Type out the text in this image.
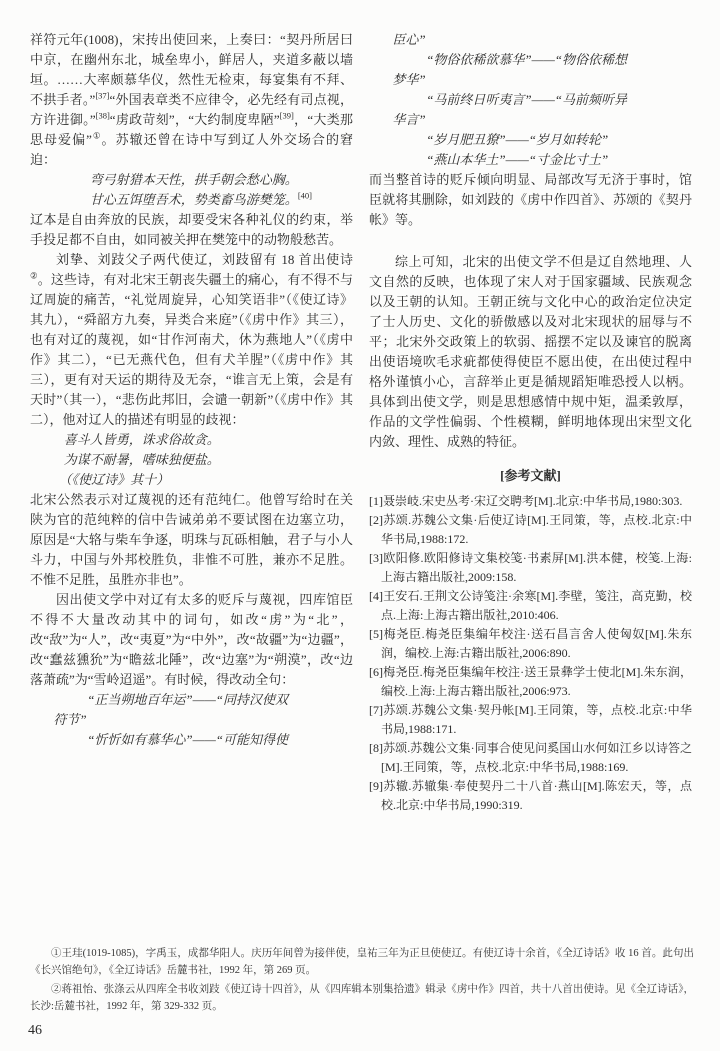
祥符元年(1008)，宋抟出使回来，上奏曰：“契丹所居曰中京，在幽州东北，城垒卑小，鲜居人，夹道多蔽以墙垣。……大率颇慕华仪，然性无检束，每宴集有不拜、不拱手者。”[37]“外国表章类不应律令，必先经有司点视，方许进御。”[38]“虏政苛刻”，“大约制度卑陋”[39]，“大类那思母爱偏”①。苏辙还曾在诗中写到辽人外交场合的窘迫：
弯弓射猎本天性，拱手朝会愁心胸。
甘心五饵堕吾术，势类畜鸟游樊笼。[40]
辽本是自由奔放的民族，却要受宋各种礼仪的约束，举手投足都不自由，如同被关押在樊笼中的动物般愁苦。
刘挚、刘跂父子两代使辽，刘跂留有 18 首出使诗②。这些诗，有对北宋王朝丧失疆土的痛心，有不得不与辽周旋的痛苦，“礼觉周旋异，心知笑语非”（《使辽诗》其九），“舜韶方九奏，异类合来庭”（《虏中作》其三），也有对辽的蔑视，如“甘作河南犬，休为燕地人”（《虏中作》其二），“已无燕代色，但有犬羊腥”（《虏中作》其三），更有对天运的期待及无奈，“谁言无上策，会是有天时”（其一），“悲伤此邦旧，会谴一朝新”（《虏中作》其二），他对辽人的描述有明显的歧视：
喜斗人皆勇，诛求俗故贪。
为谋不耐暑，嗜味独便盐。
（《使辽诗》其十）
北宋公然表示对辽蔑视的还有范纯仁。他曾写给时在关陕为官的范纯粹的信中告诫弟弟不要试图在边塞立功，原因是“大辂与柴车争逐，明珠与瓦砾相触，君子与小人斗力，中国与外邦校胜负，非惟不可胜，兼亦不足胜。不惟不足胜，虽胜亦非也”。
因出使文学中对辽有太多的贬斥与蔑视，四库馆臣不得不大量改动其中的词句，如改“虏”为“北”，改“敌”为“人”，改“夷夏”为“中外”，改“故疆”为“边疆”，改“蠢兹獯狁”为“瞻兹北陲”，改“边塞”为“朔漠”，改“边落萧疏”为“雪岭迢遥”。有时候，得改动全句：
“正当朔地百年运”——“同持汉使双
符节”
“忻忻如有慕华心”——“可能知得使
臣心”
“物俗依稀欲慕华”——“物俗依稀想
梦华”
“马前终日听夷言”——“马前频听异
华言”
“岁月肥丑獠”——“岁月如转轮”
“燕山本华土”——“寸金比寸土”
而当整首诗的贬斥倾向明显、局部改写无济于事时，馆臣就将其删除，如刘跂的《虏中作四首》、苏颂的《契丹帐》等。
综上可知，北宋的出使文学不但是辽自然地理、人文自然的反映，也体现了宋人对于国家疆域、民族观念以及王朝的认知。王朝正统与文化中心的政治定位决定了士人历史、文化的骄傲感以及对北宋现状的屈辱与不平；北宋外交政策上的软弱、摇摆不定以及谏官的脱离出使语境吹毛求疵都使得使臣不愿出使，在出使过程中格外谨慎小心，言辞举止更是循规蹈矩唯恐授人以柄。具体到出使文学，则是思想感情中规中矩，温柔敦厚，作品的文学性偏弱、个性模糊，鲜明地体现出宋型文化内敛、理性、成熟的特征。
[参考文献]
[1]聂崇岐.宋史丛考·宋辽交聘考[M].北京:中华书局,1980:303.
[2]苏颂.苏魏公文集·后使辽诗[M].王同策，等，点校.北京:中华书局,1988:172.
[3]欧阳修.欧阳修诗文集校笺·书素屏[M].洪本健，校笺.上海:上海古籍出版社,2009:158.
[4]王安石.王荆文公诗笺注·余寒[M].李壁，笺注，高克勤，校点.上海:上海古籍出版社,2010:406.
[5]梅尧臣.梅尧臣集编年校注·送石昌言舍人使匈奴[M].朱东润，编校.上海:古籍出版社,2006:890.
[6]梅尧臣.梅尧臣集编年校注·送王景彝学士使北[M].朱东润，编校.上海:上海古籍出版社,2006:973.
[7]苏颂.苏魏公文集·契丹帐[M].王同策，等，点校.北京:中华书局,1988:171.
[8]苏颂.苏魏公文集·同事合使见问奚国山水何如江乡以诗答之[M].王同策，等，点校.北京:中华书局,1988:169.
[9]苏辙.苏辙集·奉使契丹二十八首·燕山[M].陈宏天，等，点校.北京:中华书局,1990:319.
①王珪(1019-1085)，字禹玉，成都华阳人。庆历年间曾为接伴使，皇祐三年为正旦使使辽。有使辽诗十余首，《全辽诗话》收 16 首。此句出《长兴馆绝句》，《全辽诗话》岳麓书社，1992 年，第 269 页。
②蒋祖怡、张涤云从四库全书收刘跂《使辽诗十四首》，从《四库辑本别集拾遗》辑录《虏中作》四首，共十八首出使诗。见《全辽诗话》，长沙:岳麓书社，1992 年，第 329-332 页。
46
